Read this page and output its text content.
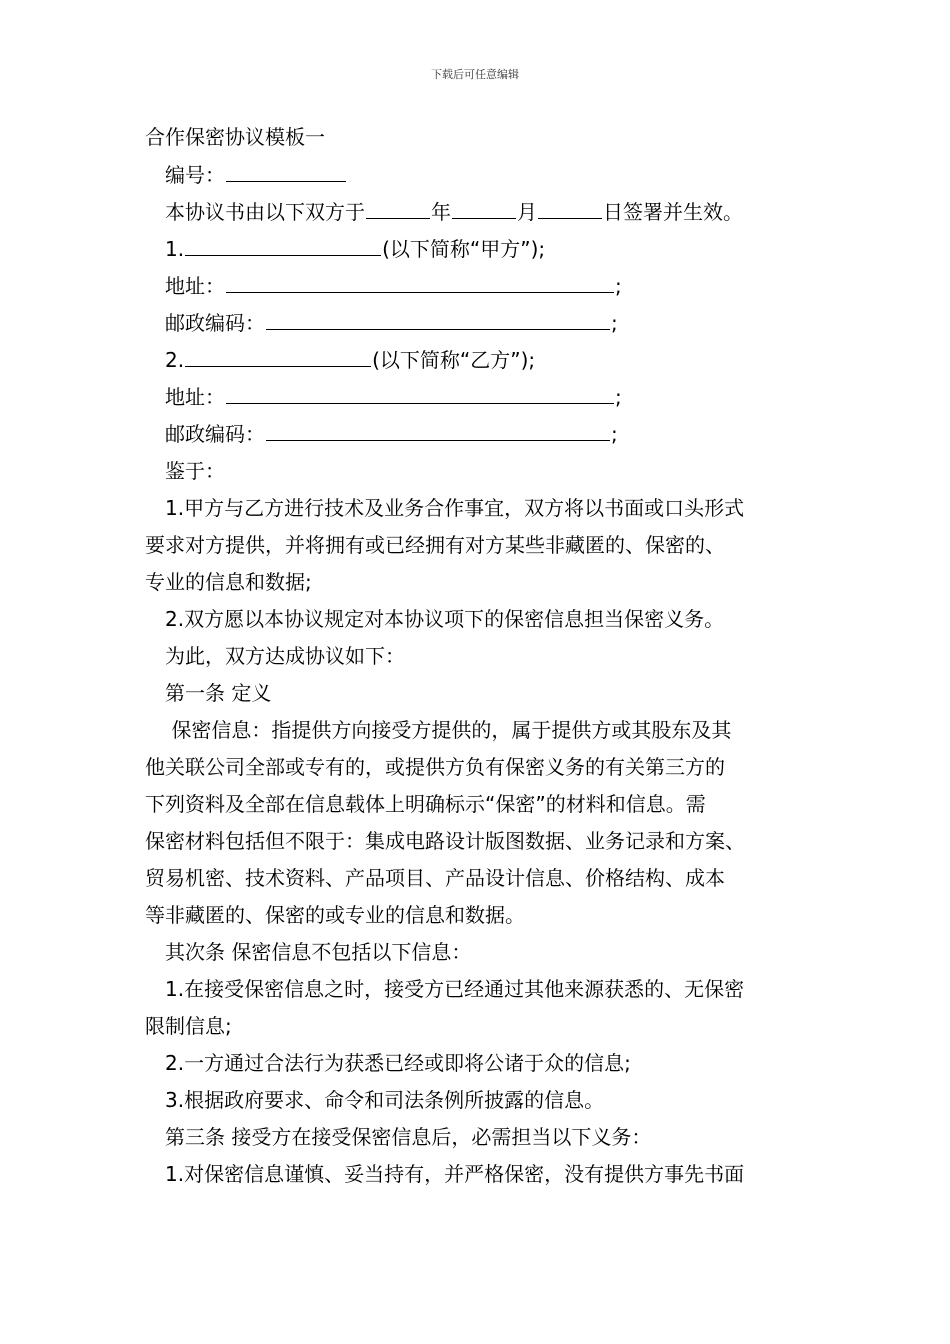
下载后可任意编辑
合作保密协议模板一
编号：
本协议书由以下双方于	年	月	日签署并生效。
1.	(以下简称“甲方”);
地址：	;
邮政编码：	;
2.	(以下简称“乙方”);
地址：	;
邮政编码：	;
鉴于：
1.甲方与乙方进行技术及业务合作事宜，双方将以书面或口头形式
要求对方提供，并将拥有或已经拥有对方某些非藏匿的、保密的、
专业的信息和数据;
2.双方愿以本协议规定对本协议项下的保密信息担当保密义务。
为此，双方达成协议如下：
第一条 定义
保密信息：指提供方向接受方提供的，属于提供方或其股东及其
他关联公司全部或专有的，或提供方负有保密义务的有关第三方的
下列资料及全部在信息载体上明确标示“保密”的材料和信息。需
保密材料包括但不限于：集成电路设计版图数据、业务记录和方案、
贸易机密、技术资料、产品项目、产品设计信息、价格结构、成本
等非藏匿的、保密的或专业的信息和数据。
其次条 保密信息不包括以下信息：
1.在接受保密信息之时，接受方已经通过其他来源获悉的、无保密
限制信息;
2.一方通过合法行为获悉已经或即将公诸于众的信息;
3.根据政府要求、命令和司法条例所披露的信息。
第三条 接受方在接受保密信息后，必需担当以下义务：
1.对保密信息谨慎、妥当持有，并严格保密，没有提供方事先书面
